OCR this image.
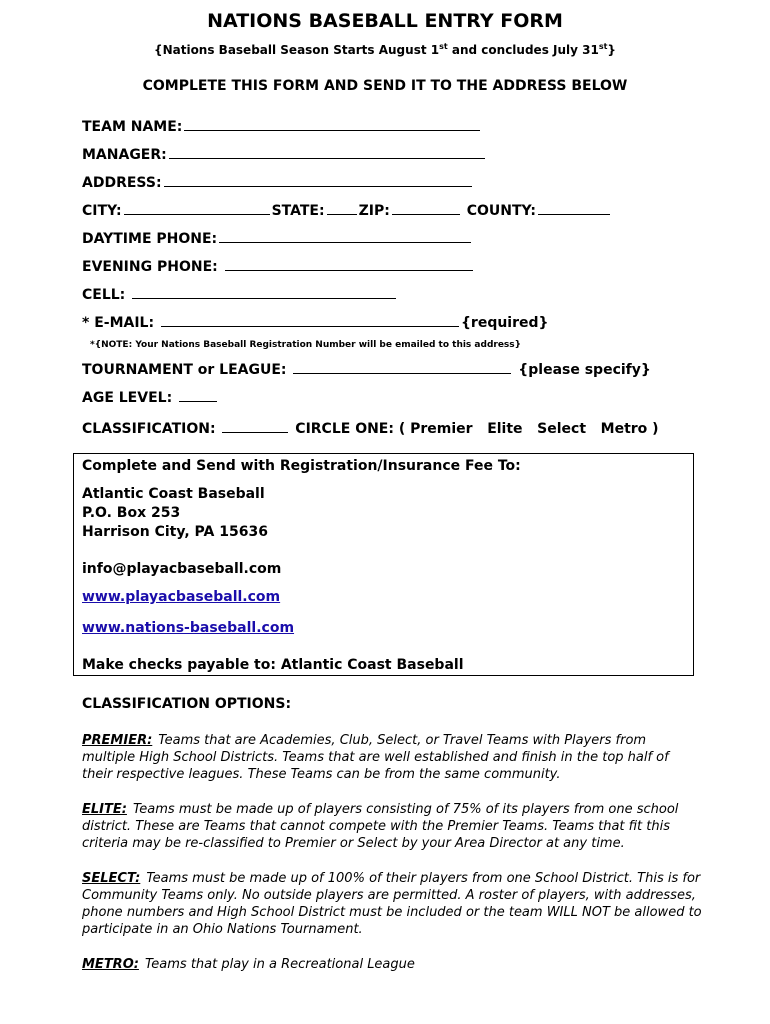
NATIONS BASEBALL ENTRY FORM
{Nations Baseball Season Starts August 1st and concludes July 31st}
COMPLETE THIS FORM AND SEND IT TO THE ADDRESS BELOW
TEAM NAME:
MANAGER:
ADDRESS:
CITY:	STATE: ZIP:	COUNTY:
DAYTIME PHONE:
EVENING PHONE:
CELL:
* E-MAIL:	{required}
*{NOTE: Your Nations Baseball Registration Number will be emailed to this address}
TOURNAMENT or LEAGUE:	{please specify}
AGE LEVEL:
CLASSIFICATION:	CIRCLE ONE: ( Premier   Elite   Select   Metro )
Complete and Send with Registration/Insurance Fee To:
Atlantic Coast Baseball
P.O. Box 253
Harrison City, PA 15636
info@playacbaseball.com
www.playacbaseball.com
www.nations-baseball.com
Make checks payable to: Atlantic Coast Baseball
CLASSIFICATION OPTIONS:
PREMIER: Teams that are Academies, Club, Select, or Travel Teams with Players from multiple High School Districts. Teams that are well established and finish in the top half of their respective leagues. These Teams can be from the same community.
ELITE: Teams must be made up of players consisting of 75% of its players from one school district. These are Teams that cannot compete with the Premier Teams. Teams that fit this criteria may be re-classified to Premier or Select by your Area Director at any time.
SELECT: Teams must be made up of 100% of their players from one School District. This is for Community Teams only. No outside players are permitted. A roster of players, with addresses, phone numbers and High School District must be included or the team WILL NOT be allowed to participate in an Ohio Nations Tournament.
METRO: Teams that play in a Recreational League
